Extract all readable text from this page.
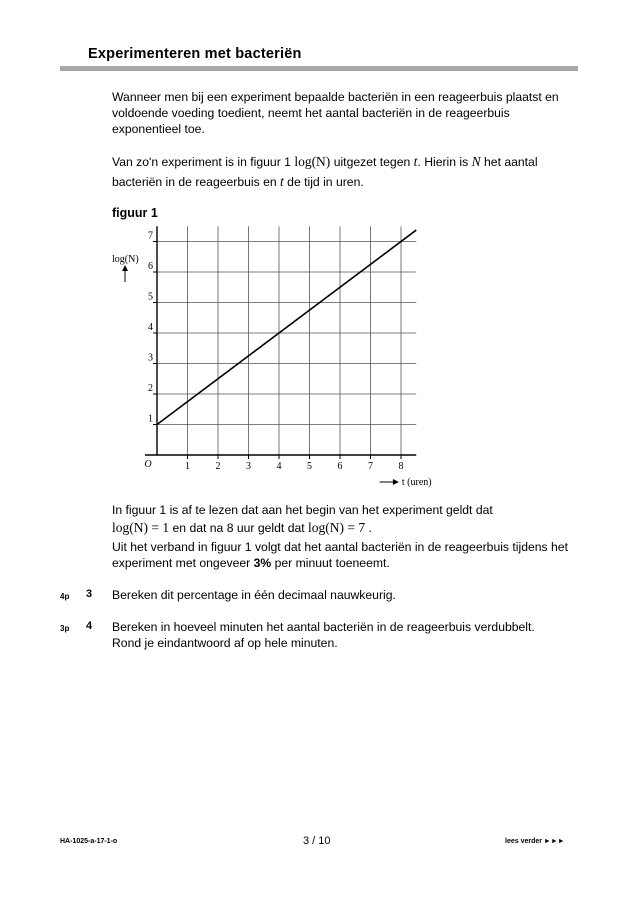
Experimenteren met bacteriën
Wanneer men bij een experiment bepaalde bacteriën in een reageerbuis plaatst en voldoende voeding toedient, neemt het aantal bacteriën in de reageerbuis exponentieel toe.
Van zo'n experiment is in figuur 1 log(N) uitgezet tegen t. Hierin is N het aantal bacteriën in de reageerbuis en t de tijd in uren.
figuur 1
1	2	3	4	5	6	7	8
1
2
3
4
5
6
7
O
log(N)
t (uren)
In figuur 1 is af te lezen dat aan het begin van het experiment geldt dat
log(N) = 1 en dat na 8 uur geldt dat log(N) = 7 .
Uit het verband in figuur 1 volgt dat het aantal bacteriën in de reageerbuis tijdens het experiment met ongeveer 3% per minuut toeneemt.
4p 3 Bereken dit percentage in één decimaal nauwkeurig.
3p 4 Bereken in hoeveel minuten het aantal bacteriën in de reageerbuis verdubbelt. Rond je eindantwoord af op hele minuten.
HA-1025-a-17-1-o	3 / 10	lees verder ►►►
